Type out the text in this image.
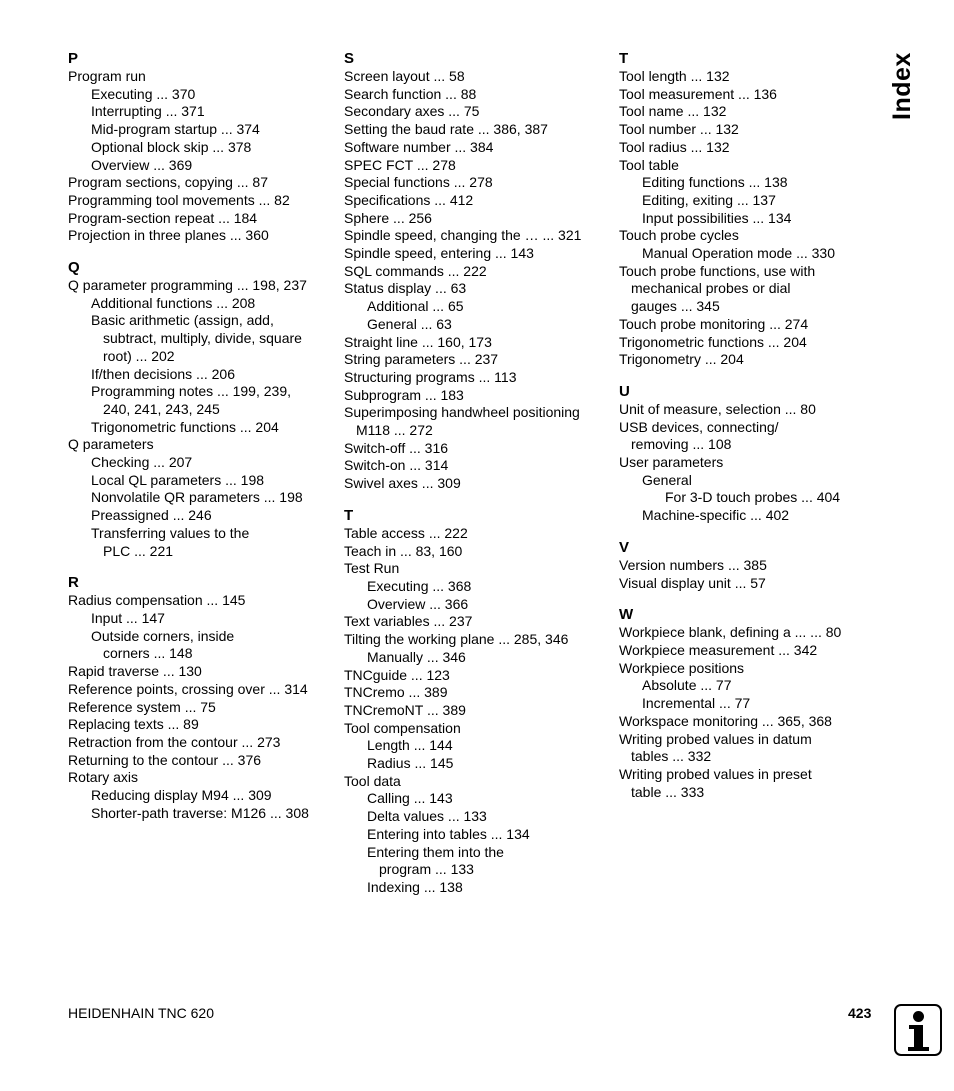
P
Program run
Executing ... 370
Interrupting ... 371
Mid-program startup ... 374
Optional block skip ... 378
Overview ... 369
Program sections, copying ... 87
Programming tool movements ... 82
Program-section repeat ... 184
Projection in three planes ... 360
Q
Q parameter programming ... 198, 237
Additional functions ... 208
Basic arithmetic (assign, add,
subtract, multiply, divide, square
root) ... 202
If/then decisions ... 206
Programming notes ... 199, 239,
240, 241, 243, 245
Trigonometric functions ... 204
Q parameters
Checking ... 207
Local QL parameters ... 198
Nonvolatile QR parameters ... 198
Preassigned ... 246
Transferring values to the
PLC ... 221
R
Radius compensation ... 145
Input ... 147
Outside corners, inside
corners ... 148
Rapid traverse ... 130
Reference points, crossing over ... 314
Reference system ... 75
Replacing texts ... 89
Retraction from the contour ... 273
Returning to the contour ... 376
Rotary axis
Reducing display M94 ... 309
Shorter-path traverse: M126 ... 308
S
Screen layout ... 58
Search function ... 88
Secondary axes ... 75
Setting the baud rate ... 386, 387
Software number ... 384
SPEC FCT ... 278
Special functions ... 278
Specifications ... 412
Sphere ... 256
Spindle speed, changing the … ... 321
Spindle speed, entering ... 143
SQL commands ... 222
Status display ... 63
Additional ... 65
General ... 63
Straight line ... 160, 173
String parameters ... 237
Structuring programs ... 113
Subprogram ... 183
Superimposing handwheel positioning
M118 ... 272
Switch-off ... 316
Switch-on ... 314
Swivel axes ... 309
T
Table access ... 222
Teach in ... 83, 160
Test Run
Executing ... 368
Overview ... 366
Text variables ... 237
Tilting the working plane ... 285, 346
Manually ... 346
TNCguide ... 123
TNCremo ... 389
TNCremoNT ... 389
Tool compensation
Length ... 144
Radius ... 145
Tool data
Calling ... 143
Delta values ... 133
Entering into tables ... 134
Entering them into the
program ... 133
Indexing ... 138
T
Tool length ... 132
Tool measurement ... 136
Tool name ... 132
Tool number ... 132
Tool radius ... 132
Tool table
Editing functions ... 138
Editing, exiting ... 137
Input possibilities ... 134
Touch probe cycles
Manual Operation mode ... 330
Touch probe functions, use with
mechanical probes or dial
gauges ... 345
Touch probe monitoring ... 274
Trigonometric functions ... 204
Trigonometry ... 204
U
Unit of measure, selection ... 80
USB devices, connecting/
removing ... 108
User parameters
General
For 3-D touch probes ... 404
Machine-specific ... 402
V
Version numbers ... 385
Visual display unit ... 57
W
Workpiece blank, defining a ... ... 80
Workpiece measurement ... 342
Workpiece positions
Absolute ... 77
Incremental ... 77
Workspace monitoring ... 365, 368
Writing probed values in datum
tables ... 332
Writing probed values in preset
table ... 333
Index
HEIDENHAIN TNC 620	423
